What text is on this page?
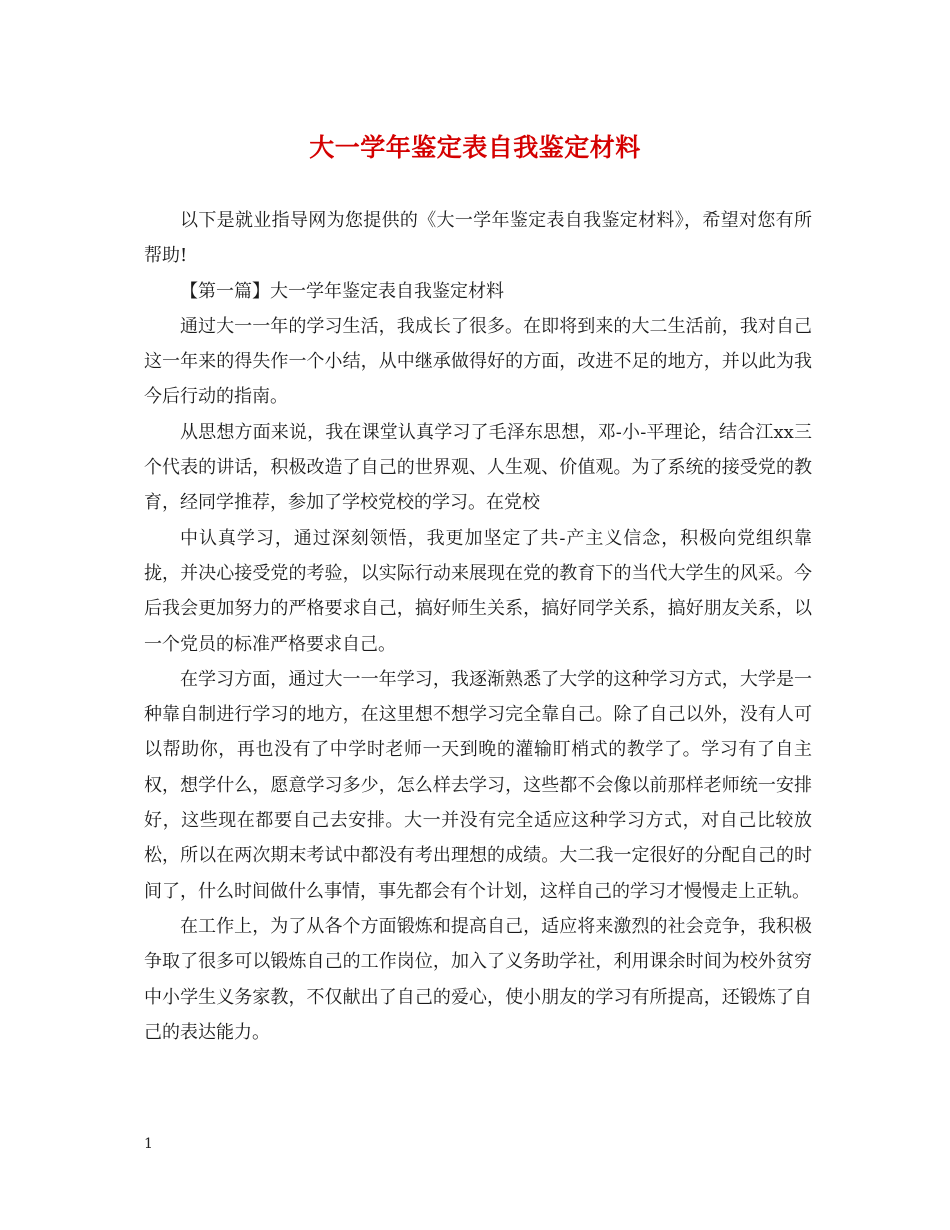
大一学年鉴定表自我鉴定材料

以下是就业指导网为您提供的《大一学年鉴定表自我鉴定材料》，希望对您有所帮助!

【第一篇】大一学年鉴定表自我鉴定材料

通过大一一年的学习生活，我成长了很多。在即将到来的大二生活前，我对自己这一年来的得失作一个小结，从中继承做得好的方面，改进不足的地方，并以此为我今后行动的指南。

从思想方面来说，我在课堂认真学习了毛泽东思想，邓-小-平理论，结合江xx三个代表的讲话，积极改造了自己的世界观、人生观、价值观。为了系统的接受党的教育，经同学推荐，参加了学校党校的学习。在党校

中认真学习，通过深刻领悟，我更加坚定了共-产主义信念，积极向党组织靠拢，并决心接受党的考验，以实际行动来展现在党的教育下的当代大学生的风采。今后我会更加努力的严格要求自己，搞好师生关系，搞好同学关系，搞好朋友关系，以一个党员的标准严格要求自己。

在学习方面，通过大一一年学习，我逐渐熟悉了大学的这种学习方式，大学是一种靠自制进行学习的地方，在这里想不想学习完全靠自己。除了自己以外，没有人可以帮助你，再也没有了中学时老师一天到晚的灌输盯梢式的教学了。学习有了自主权，想学什么，愿意学习多少，怎么样去学习，这些都不会像以前那样老师统一安排好，这些现在都要自己去安排。大一并没有完全适应这种学习方式，对自己比较放松，所以在两次期末考试中都没有考出理想的成绩。大二我一定很好的分配自己的时间了，什么时间做什么事情，事先都会有个计划，这样自己的学习才慢慢走上正轨。

在工作上，为了从各个方面锻炼和提高自己，适应将来激烈的社会竞争，我积极争取了很多可以锻炼自己的工作岗位，加入了义务助学社，利用课余时间为校外贫穷中小学生义务家教，不仅献出了自己的爱心，使小朋友的学习有所提高，还锻炼了自己的表达能力。

1
